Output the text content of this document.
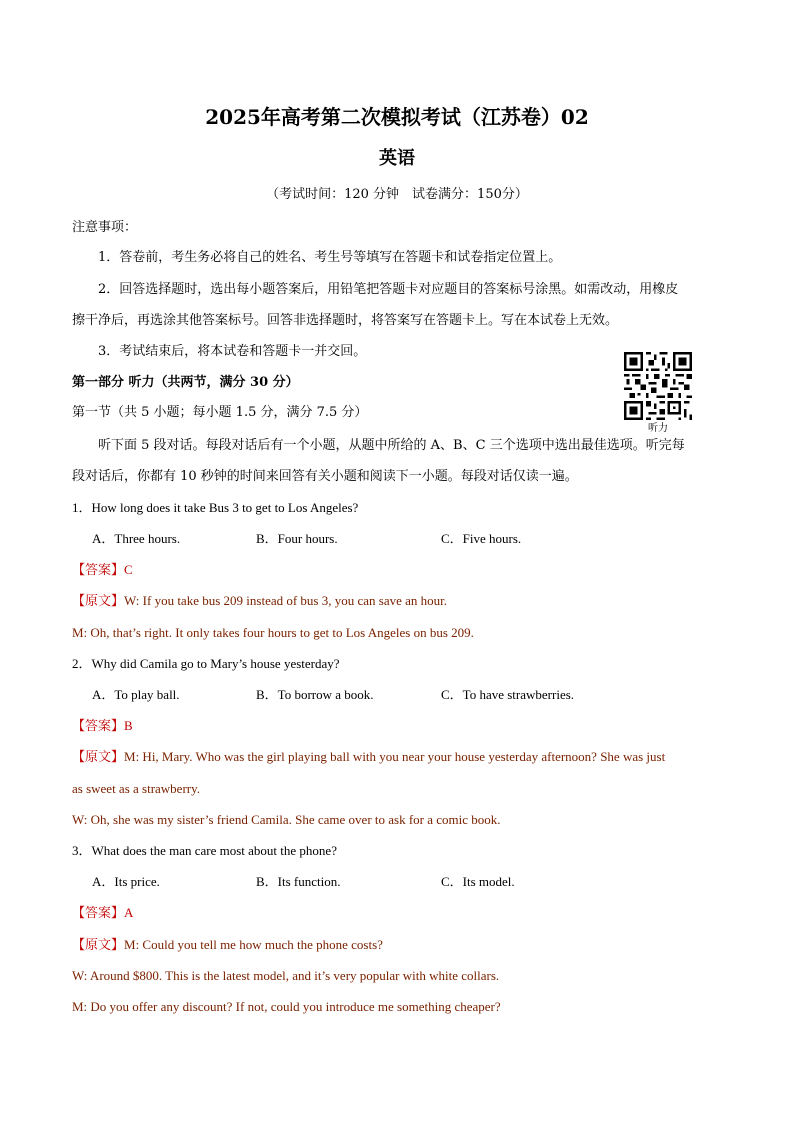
2025年高考第二次模拟考试（江苏卷）02
英语
（考试时间：120 分钟　试卷满分：150分）
注意事项：
1．答卷前，考生务必将自己的姓名、考生号等填写在答题卡和试卷指定位置上。
2．回答选择题时，选出每小题答案后，用铅笔把答题卡对应题目的答案标号涂黑。如需改动，用橡皮
擦干净后，再选涂其他答案标号。回答非选择题时，将答案写在答题卡上。写在本试卷上无效。
3．考试结束后，将本试卷和答题卡一并交回。
第一部分 听力（共两节，满分 30 分）
第一节（共 5 小题；每小题 1.5 分，满分 7.5 分）
听力
听下面 5 段对话。每段对话后有一个小题，从题中所给的 A、B、C 三个选项中选出最佳选项。听完每
段对话后，你都有 10 秒钟的时间来回答有关小题和阅读下一小题。每段对话仅读一遍。
1．How long does it take Bus 3 to get to Los Angeles?
A．Three hours.	B．Four hours.	C．Five hours.
【答案】C
【原文】W: If you take bus 209 instead of bus 3, you can save an hour.
M: Oh, that’s right. It only takes four hours to get to Los Angeles on bus 209.
2．Why did Camila go to Mary’s house yesterday?
A．To play ball.	B．To borrow a book.	C．To have strawberries.
【答案】B
【原文】M: Hi, Mary. Who was the girl playing ball with you near your house yesterday afternoon? She was just
as sweet as a strawberry.
W: Oh, she was my sister’s friend Camila. She came over to ask for a comic book.
3．What does the man care most about the phone?
A．Its price.	B．Its function.	C．Its model.
【答案】A
【原文】M: Could you tell me how much the phone costs?
W: Around $800. This is the latest model, and it’s very popular with white collars.
M: Do you offer any discount? If not, could you introduce me something cheaper?
